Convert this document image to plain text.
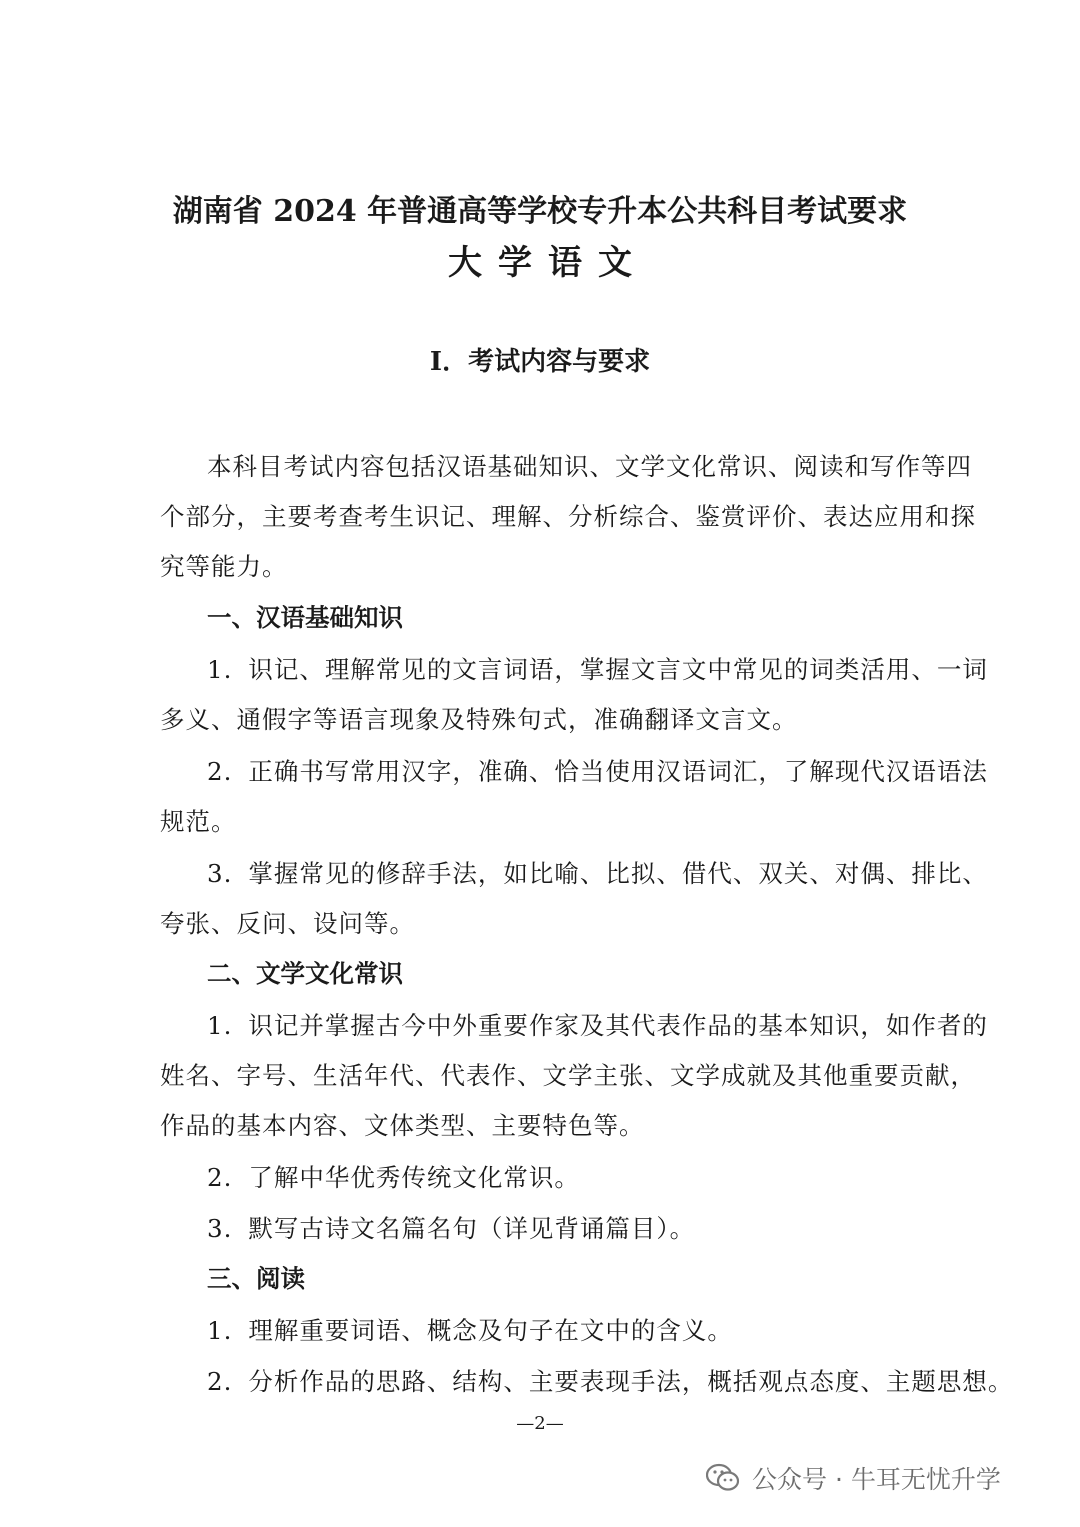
湖南省 2024 年普通高等学校专升本公共科目考试要求
大学语文
Ⅰ．考试内容与要求
本科目考试内容包括汉语基础知识、文学文化常识、阅读和写作等四
个部分，主要考查考生识记、理解、分析综合、鉴赏评价、表达应用和探
究等能力。
一、汉语基础知识
1. 识记、理解常见的文言词语，掌握文言文中常见的词类活用、一词
多义、通假字等语言现象及特殊句式，准确翻译文言文。
2. 正确书写常用汉字，准确、恰当使用汉语词汇，了解现代汉语语法
规范。
3. 掌握常见的修辞手法，如比喻、比拟、借代、双关、对偶、排比、
夸张、反问、设问等。
二、文学文化常识
1. 识记并掌握古今中外重要作家及其代表作品的基本知识，如作者的
姓名、字号、生活年代、代表作、文学主张、文学成就及其他重要贡献，
作品的基本内容、文体类型、主要特色等。
2. 了解中华优秀传统文化常识。
3. 默写古诗文名篇名句（详见背诵篇目）。
三、阅读
1. 理解重要词语、概念及句子在文中的含义。
2. 分析作品的思路、结构、主要表现手法，概括观点态度、主题思想。
—2—
公众号 · 牛耳无忧升学
